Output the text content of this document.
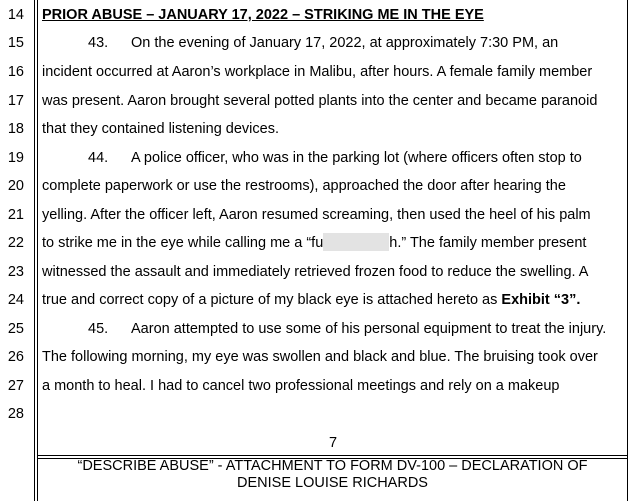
14
15
16
17
18
19
20
21
22
23
24
25
26
27
28
PRIOR ABUSE – JANUARY 17, 2022 – STRIKING ME IN THE EYE
43. On the evening of January 17, 2022, at approximately 7:30 PM, an
incident occurred at Aaron’s workplace in Malibu, after hours. A female family member
was present. Aaron brought several potted plants into the center and became paranoid
that they contained listening devices.
44. A police officer, who was in the parking lot (where officers often stop to
complete paperwork or use the restrooms), approached the door after hearing the
yelling. After the officer left, Aaron resumed screaming, then used the heel of his palm
to strike me in the eye while calling me a “fu	h.” The family member present
witnessed the assault and immediately retrieved frozen food to reduce the swelling. A
true and correct copy of a picture of my black eye is attached hereto as Exhibit “3”.
45. Aaron attempted to use some of his personal equipment to treat the injury.
The following morning, my eye was swollen and black and blue. The bruising took over
a month to heal. I had to cancel two professional meetings and rely on a makeup
7
“DESCRIBE ABUSE” - ATTACHMENT TO FORM DV-100 – DECLARATION OF
DENISE LOUISE RICHARDS
